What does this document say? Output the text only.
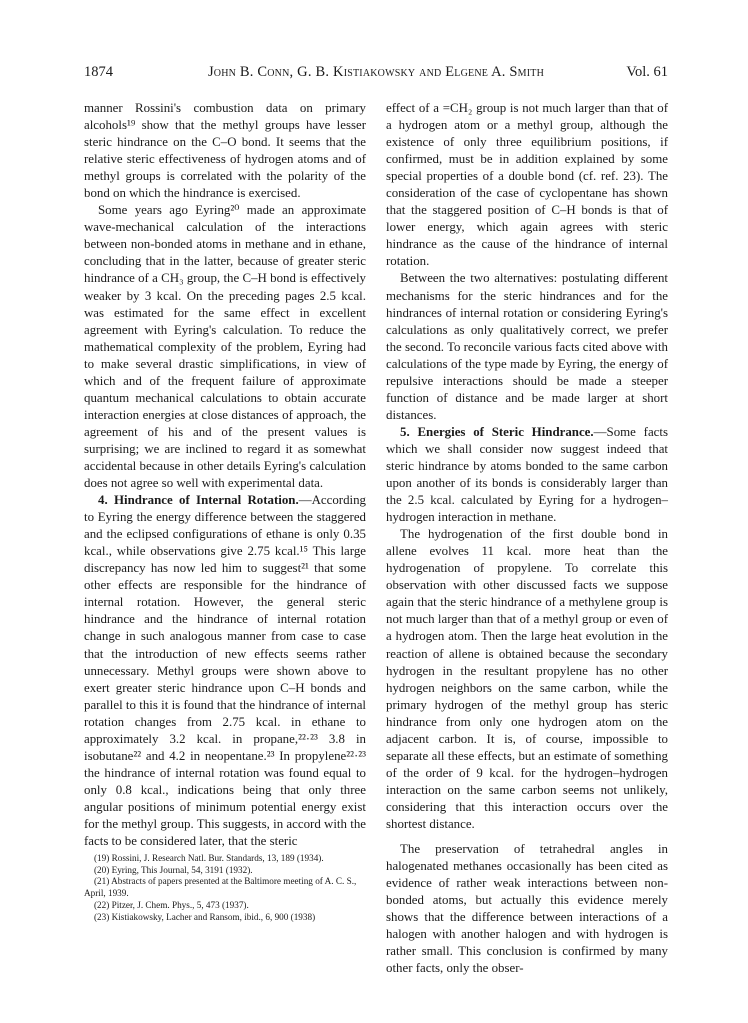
1874	John B. Conn, G. B. Kistiakowsky and Elgene A. Smith	Vol. 61

manner Rossini's combustion data on primary alcohols¹⁹ show that the methyl groups have lesser steric hindrance on the C–O bond. It seems that the relative steric effectiveness of hydrogen atoms and of methyl groups is correlated with the polarity of the bond on which the hindrance is exercised.

Some years ago Eyring²⁰ made an approximate wave-mechanical calculation of the interactions between non-bonded atoms in methane and in ethane, concluding that in the latter, because of greater steric hindrance of a CH₃ group, the C–H bond is effectively weaker by 3 kcal. On the preceding pages 2.5 kcal. was estimated for the same effect in excellent agreement with Eyring's calculation. To reduce the mathematical complexity of the problem, Eyring had to make several drastic simplifications, in view of which and of the frequent failure of approximate quantum mechanical calculations to obtain accurate interaction energies at close distances of approach, the agreement of his and of the present values is surprising; we are inclined to regard it as somewhat accidental because in other details Eyring's calculation does not agree so well with experimental data.

4. Hindrance of Internal Rotation.—According to Eyring the energy difference between the staggered and the eclipsed configurations of ethane is only 0.35 kcal., while observations give 2.75 kcal.¹⁵ This large discrepancy has now led him to suggest²¹ that some other effects are responsible for the hindrance of internal rotation. However, the general steric hindrance and the hindrance of internal rotation change in such analogous manner from case to case that the introduction of new effects seems rather unnecessary. Methyl groups were shown above to exert greater steric hindrance upon C–H bonds and parallel to this it is found that the hindrance of internal rotation changes from 2.75 kcal. in ethane to approximately 3.2 kcal. in propane,²²·²³ 3.8 in isobutane²² and 4.2 in neopentane.²³ In propylene²²·²³ the hindrance of internal rotation was found equal to only 0.8 kcal., indications being that only three angular positions of minimum potential energy exist for the methyl group. This suggests, in accord with the facts to be considered later, that the steric

(19) Rossini, J. Research Natl. Bur. Standards, 13, 189 (1934).
(20) Eyring, This Journal, 54, 3191 (1932).
(21) Abstracts of papers presented at the Baltimore meeting of A. C. S., April, 1939.
(22) Pitzer, J. Chem. Phys., 5, 473 (1937).
(23) Kistiakowsky, Lacher and Ransom, ibid., 6, 900 (1938)

effect of a =CH₂ group is not much larger than that of a hydrogen atom or a methyl group, although the existence of only three equilibrium positions, if confirmed, must be in addition explained by some special properties of a double bond (cf. ref. 23). The consideration of the case of cyclopentane has shown that the staggered position of C–H bonds is that of lower energy, which again agrees with steric hindrance as the cause of the hindrance of internal rotation.

Between the two alternatives: postulating different mechanisms for the steric hindrances and for the hindrances of internal rotation or considering Eyring's calculations as only qualitatively correct, we prefer the second. To reconcile various facts cited above with calculations of the type made by Eyring, the energy of repulsive interactions should be made a steeper function of distance and be made larger at short distances.

5. Energies of Steric Hindrance.—Some facts which we shall consider now suggest indeed that steric hindrance by atoms bonded to the same carbon upon another of its bonds is considerably larger than the 2.5 kcal. calculated by Eyring for a hydrogen–hydrogen interaction in methane.

The hydrogenation of the first double bond in allene evolves 11 kcal. more heat than the hydrogenation of propylene. To correlate this observation with other discussed facts we suppose again that the steric hindrance of a methylene group is not much larger than that of a methyl group or even of a hydrogen atom. Then the large heat evolution in the reaction of allene is obtained because the secondary hydrogen in the resultant propylene has no other hydrogen neighbors on the same carbon, while the primary hydrogen of the methyl group has steric hindrance from only one hydrogen atom on the adjacent carbon. It is, of course, impossible to separate all these effects, but an estimate of something of the order of 9 kcal. for the hydrogen–hydrogen interaction on the same carbon seems not unlikely, considering that this interaction occurs over the shortest distance.

The preservation of tetrahedral angles in halogenated methanes occasionally has been cited as evidence of rather weak interactions between non-bonded atoms, but actually this evidence merely shows that the difference between interactions of a halogen with another halogen and with hydrogen is rather small. This conclusion is confirmed by many other facts, only the obser-
